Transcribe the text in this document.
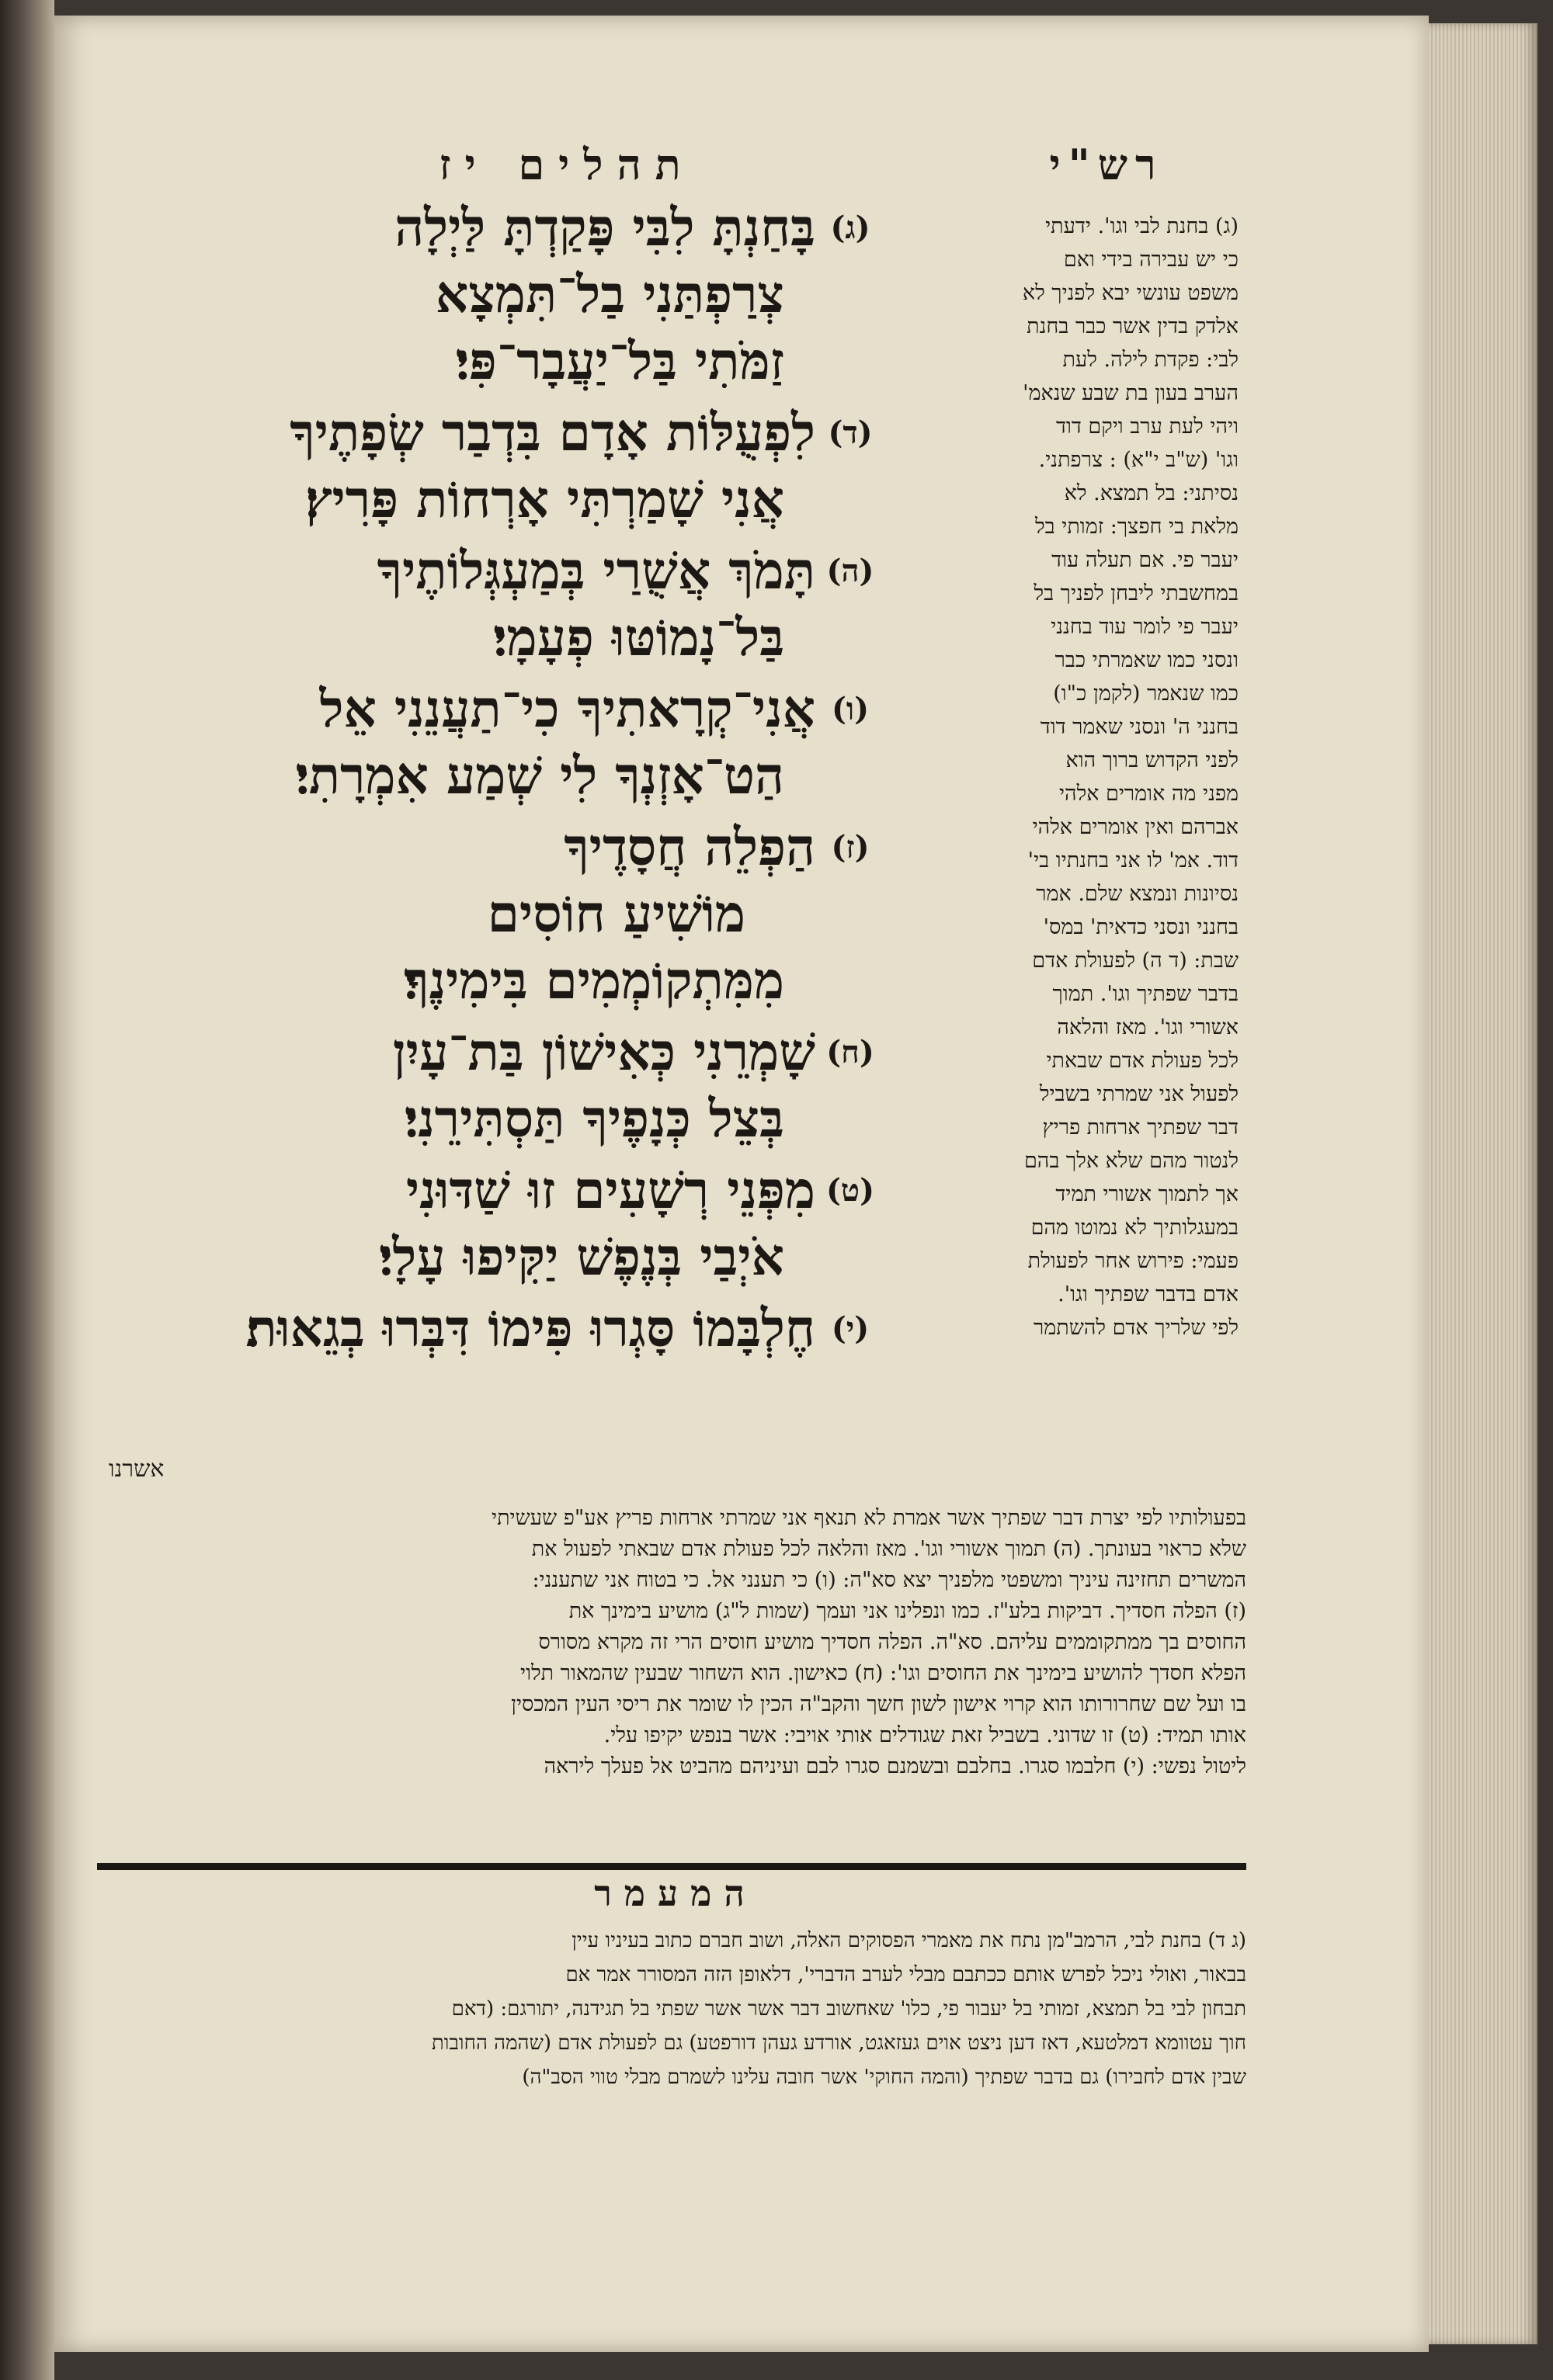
תהלים יז	רש"י
(ג)
בָּחַנְתָּ לִבִּי פָּקַדְתָּ לַּיְלָה
צְרַפְתַּנִי בַל־תִּמְצָא
זַמֹּתִי בַּל־יַעֲבָר־פִּי׃
(ד)
לִפְעֻלּוֹת אָדָם בִּדְבַר שְׂפָתֶיךָ
אֲנִי שָׁמַרְתִּי אָרְחוֹת פָּרִיץ׃
(ה)
תָּמֹךְ אֲשֻׁרַי בְּמַעְגְּלוֹתֶיךָ
בַּל־נָמוֹטּוּ פְעָמָי׃
(ו)
אֲנִי־קְרָאתִיךָ כִי־תַעֲנֵנִי אֵל
הַט־אָזְנְךָ לִי שְׁמַע אִמְרָתִי׃
(ז)
הַפְלֵה חֲסָדֶיךָ
מוֹשִׁיעַ חוֹסִים
מִמִּתְקוֹמְמִים בִּימִינֶךָ׃
(ח)
שָׁמְרֵנִי כְּאִישׁוֹן בַּת־עָיִן
בְּצֵל כְּנָפֶיךָ תַּסְתִּירֵנִי׃
(ט)
מִפְּנֵי רְשָׁעִים זוּ שַׁדּוּנִי
אֹיְבַי בְּנֶפֶשׁ יַקִּיפוּ עָלָי׃
(י)
חֶלְבָּמוֹ סָּגְרוּ פִּימוֹ דִּבְּרוּ בְגֵאוּת׃
אשרנו
(ג) בחנת לבי וגו'. ידעתי
כי יש עבירה בידי ואם
משפט עונשי יבא לפניך לא
אלדק בדין אשר כבר בחנת
לבי: פקדת לילה. לעת
הערב בעון בת שבע שנאמ'
ויהי לעת ערב ויקם דוד
וגו' (ש"ב י"א) : צרפתני.
נסיתני: בל תמצא. לא
מלאת בי חפצך: זמותי בל
יעבר פי. אם תעלה עוד
במחשבתי ליבחן לפניך בל
יעבר פי לומר עוד בחנני
ונסני כמו שאמרתי כבר
כמו שנאמר (לקמן כ"ו)
בחנני ה' ונסני שאמר דוד
לפני הקדוש ברוך הוא
מפני מה אומרים אלהי
אברהם ואין אומרים אלהי
דוד. אמ' לו אני בחנתיו בי'
נסיונות ונמצא שלם. אמר
בחנני ונסני כדאית' במס'
שבת: (ד ה) לפעולת אדם
בדבר שפתיך וגו'. תמוך
אשורי וגו'. מאז והלאה
לכל פעולת אדם שבאתי
לפעול אני שמרתי בשביל
דבר שפתיך ארחות פריץ
לנטור מהם שלא אלך בהם
אך לתמוך אשורי תמיד
במעגלותיך לא נמוטו מהם
פעמי: פירוש אחר לפעולת
אדם בדבר שפתיך וגו'.
לפי שלריך אדם להשתמר
בפעולותיו לפי יצרת דבר שפתיך אשר אמרת לא תנאף אני שמרתי ארחות פריץ אע"פ שעשיתי
שלא כראוי בעונתך. (ה) תמוך אשורי וגו'. מאז והלאה לכל פעולת אדם שבאתי לפעול את
המשרים תחזינה עיניך ומשפטי מלפניך יצא סא"ה: (ו) כי תענני אל. כי בטוח אני שתענני:
(ז) הפלה חסדיך. דביקות בלע"ז. כמו ונפלינו אני ועמך (שמות ל"ג) מושיע בימינך את
החוסים בך ממתקוממים עליהם. סא"ה. הפלה חסדיך מושיע חוסים הרי זה מקרא מסורס
הפלא חסדך להושיע בימינך את החוסים וגו': (ח) כאישון. הוא השחור שבעין שהמאור תלוי
בו ועל שם שחרורותו הוא קרוי אישון לשון חשך והקב"ה הכין לו שומר את ריסי העין המכסין
אותו תמיד: (ט) זו שדוני. בשביל זאת שגודלים אותי אויבי: אשר בנפש יקיפו עלי.
ליטול נפשי: (י) חלבמו סגרו. בחלבם ובשמנם סגרו לבם ועיניהם מהביט אל פעלך ליראה
המעמר
(ג ד) בחנת לבי, הרמב"מן נתח את מאמרי הפסוקים האלה, ושוב חברם כתוב בעיניו עיין
בבאור, ואולי ניכל לפרש אותם ככתבם מבלי לערב הדברי', דלאופן הזה המסורר אמר אם
תבחון לבי בל תמצא, זמותי בל יעבור פי, כלו' שאחשוב דבר אשר אשר שפתי בל תגידנה, יתורגם: (דאם
חוך עטוומא דמלטעא, דאז דען ניצט אוים געזאגט, אורדע געהן דורפטע) גם לפעולת אדם (שהמה החובות
שבין אדם לחבירו) גם בדבר שפתיך (והמה החוקי' אשר חובה עלינו לשמרם מבלי טווי הסב"ה)
